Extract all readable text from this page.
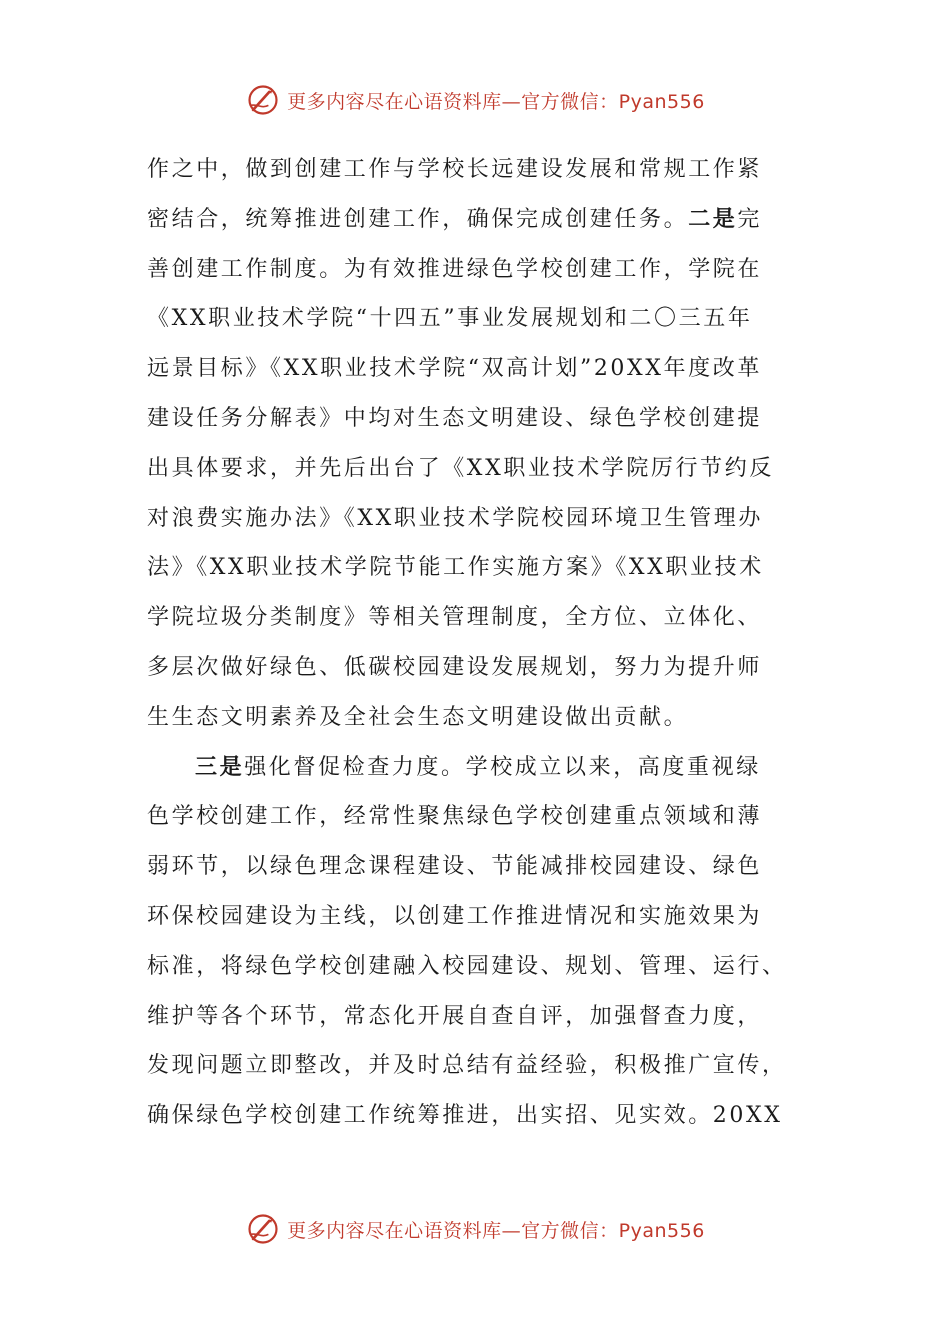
更多内容尽在心语资料库—官方微信：Pyan556
作之中，做到创建工作与学校长远建设发展和常规工作紧
密结合，统筹推进创建工作，确保完成创建任务。二是完
善创建工作制度。为有效推进绿色学校创建工作，学院在
《XX职业技术学院“十四五”事业发展规划和二〇三五年
远景目标》《XX职业技术学院“双高计划”20XX年度改革
建设任务分解表》中均对生态文明建设、绿色学校创建提
出具体要求，并先后出台了《XX职业技术学院厉行节约反
对浪费实施办法》《XX职业技术学院校园环境卫生管理办
法》《XX职业技术学院节能工作实施方案》《XX职业技术
学院垃圾分类制度》等相关管理制度，全方位、立体化、
多层次做好绿色、低碳校园建设发展规划，努力为提升师
生生态文明素养及全社会生态文明建设做出贡献。
三是强化督促检查力度。学校成立以来，高度重视绿
色学校创建工作，经常性聚焦绿色学校创建重点领域和薄
弱环节，以绿色理念课程建设、节能减排校园建设、绿色
环保校园建设为主线，以创建工作推进情况和实施效果为
标准，将绿色学校创建融入校园建设、规划、管理、运行、
维护等各个环节，常态化开展自查自评，加强督查力度，
发现问题立即整改，并及时总结有益经验，积极推广宣传，
确保绿色学校创建工作统筹推进，出实招、见实效。20XX
更多内容尽在心语资料库—官方微信：Pyan556
